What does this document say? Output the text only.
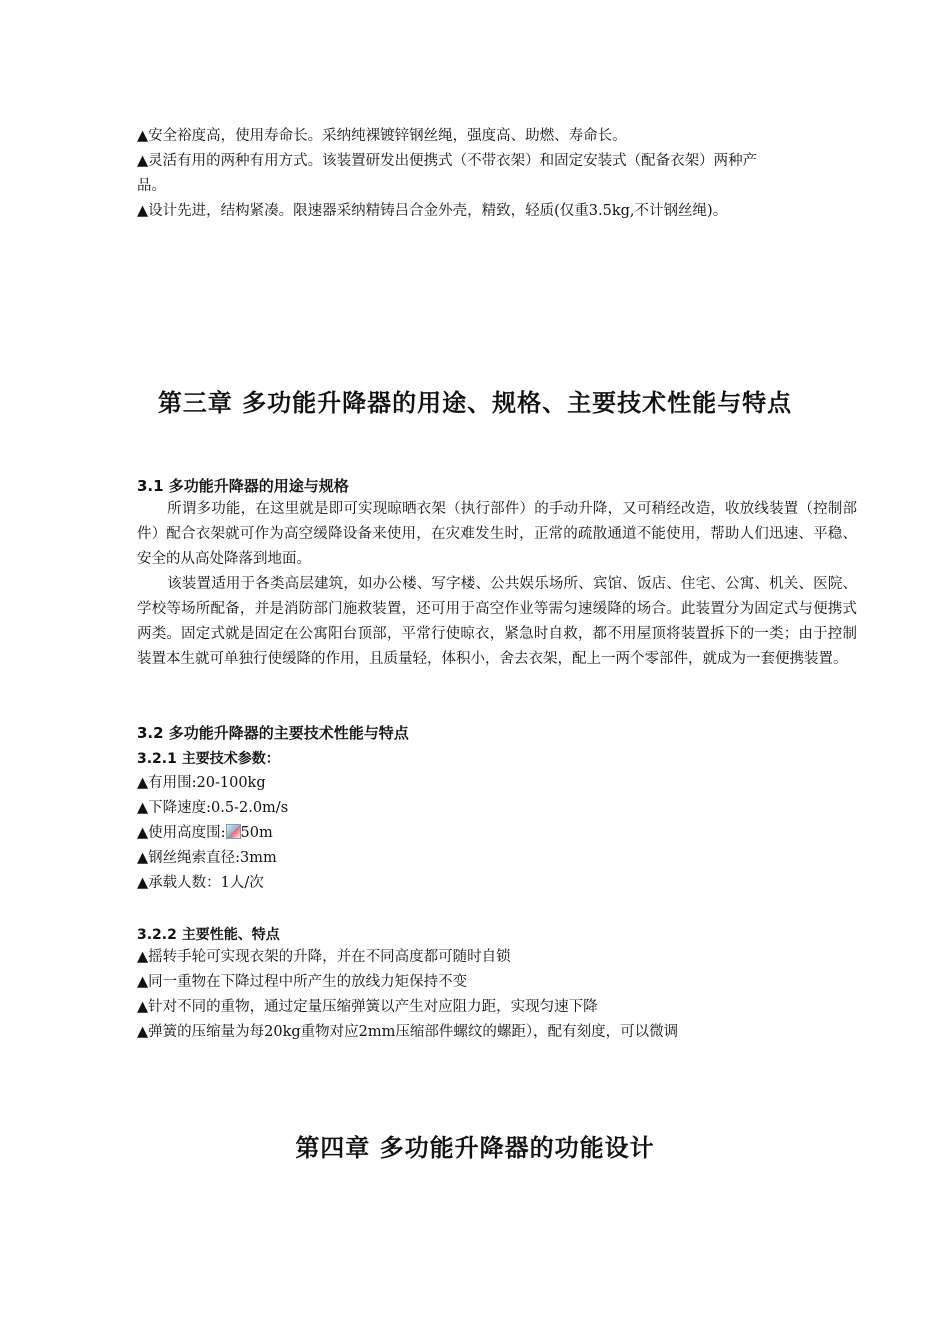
▲安全裕度高，使用寿命长。采纳纯裸镀锌钢丝绳，强度高、助燃、寿命长。
▲灵活有用的两种有用方式。该装置研发出便携式（不带衣架）和固定安装式（配备衣架）两种产
品。
▲设计先进，结构紧凑。限速器采纳精铸吕合金外壳，精致，轻质(仅重3.5kg,不计钢丝绳)。
第三章 多功能升降器的用途、规格、主要技术性能与特点
3.1 多功能升降器的用途与规格
所谓多功能，在这里就是即可实现晾晒衣架（执行部件）的手动升降，又可稍经改造，收放线装置（控制部件）配合衣架就可作为高空缓降设备来使用，在灾难发生时，正常的疏散通道不能使用，帮助人们迅速、平稳、安全的从高处降落到地面。
该装置适用于各类高层建筑，如办公楼、写字楼、公共娱乐场所、宾馆、饭店、住宅、公寓、机关、医院、学校等场所配备，并是消防部门施救装置，还可用于高空作业等需匀速缓降的场合。此装置分为固定式与便携式两类。固定式就是固定在公寓阳台顶部，平常行使晾衣，紧急时自救，都不用屋顶将装置拆下的一类；由于控制装置本生就可单独行使缓降的作用，且质量轻，体积小，舍去衣架，配上一两个零部件，就成为一套便携装置。
3.2 多功能升降器的主要技术性能与特点
3.2.1 主要技术参数：
▲有用围:20-100kg
▲下降速度:0.5-2.0m/s
▲使用高度围: 50m
▲钢丝绳索直径:3mm
▲承载人数：1人/次
3.2.2 主要性能、特点
▲摇转手轮可实现衣架的升降，并在不同高度都可随时自锁
▲同一重物在下降过程中所产生的放线力矩保持不变
▲针对不同的重物，通过定量压缩弹簧以产生对应阻力距，实现匀速下降
▲弹簧的压缩量为每20kg重物对应2mm压缩部件螺纹的螺距），配有刻度，可以微调
第四章 多功能升降器的功能设计
